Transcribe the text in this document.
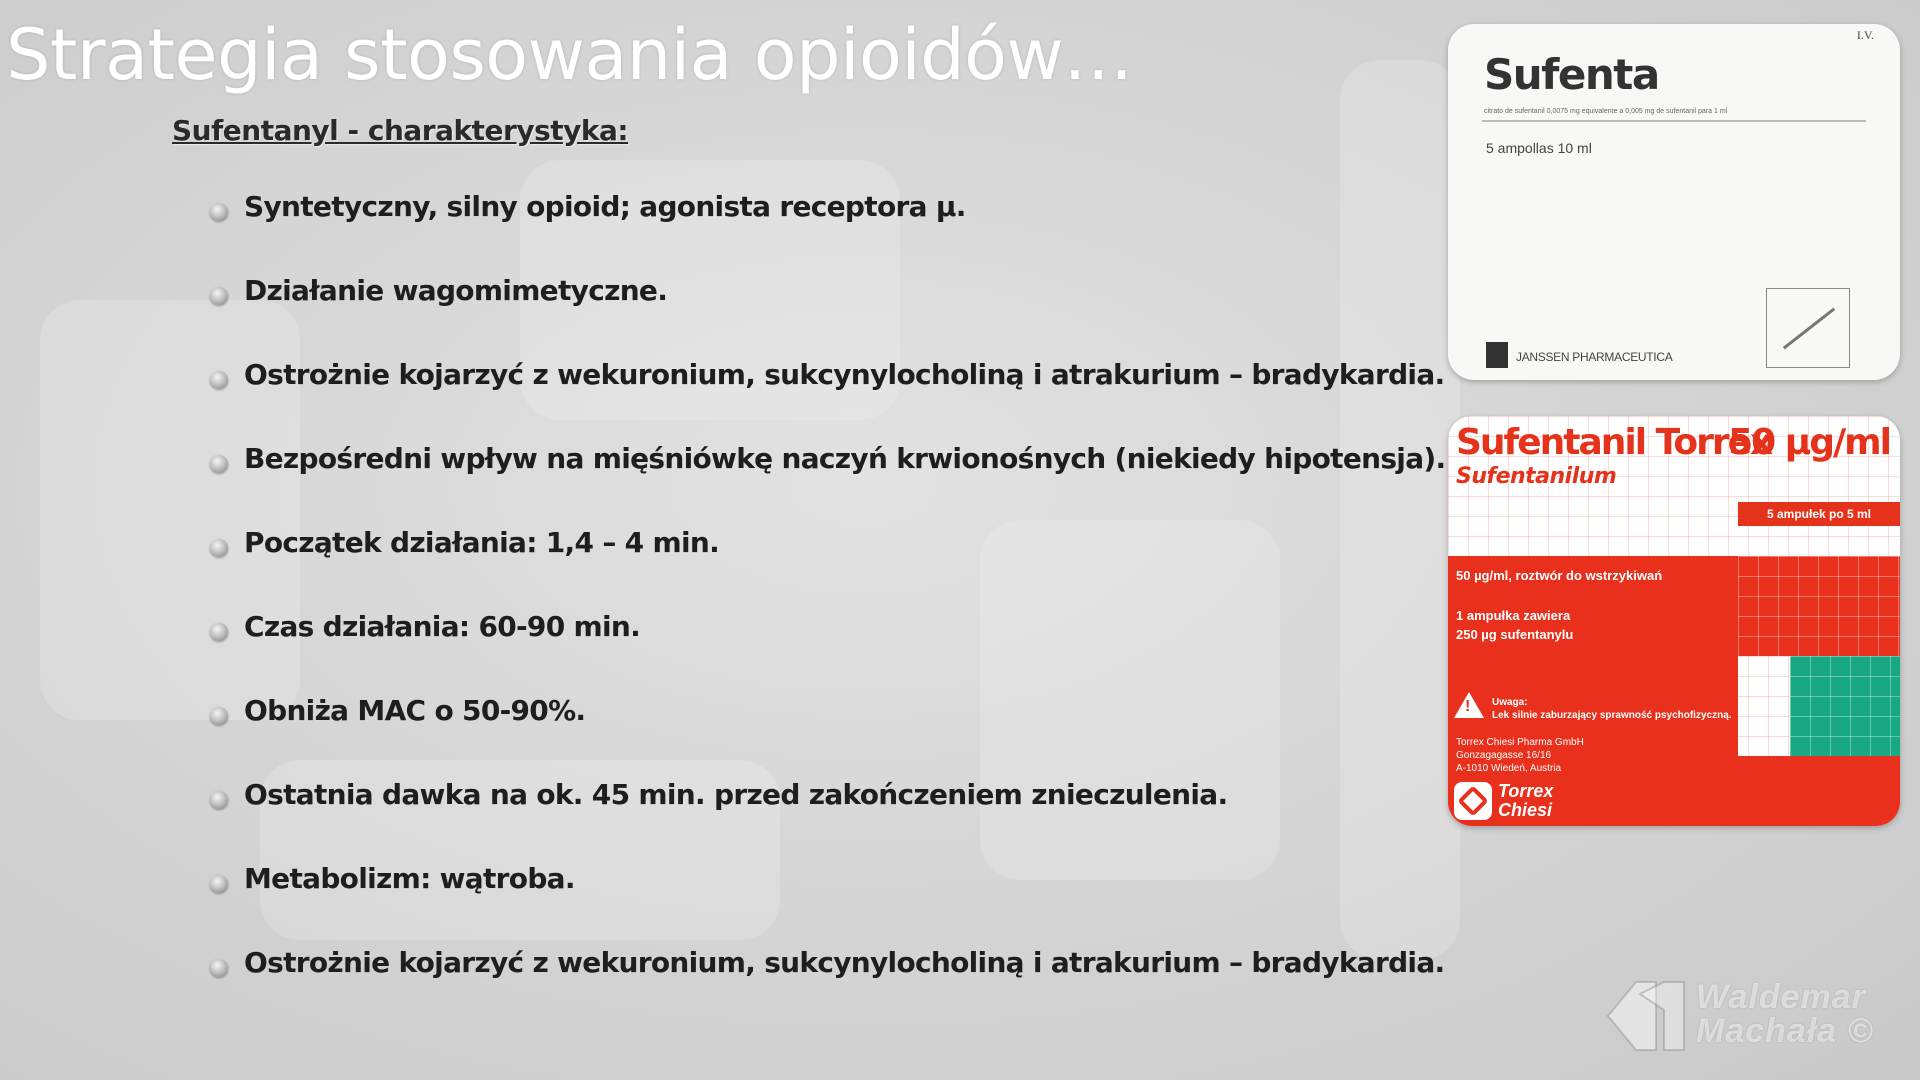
Strategia stosowania opioidów…
Sufentanyl - charakterystyka:
Syntetyczny, silny opioid; agonista receptora µ.
Działanie wagomimetyczne.
Ostrożnie kojarzyć z wekuronium, sukcynylocholiną i atrakurium – bradykardia.
Bezpośredni wpływ na mięśniówkę naczyń krwionośnych (niekiedy hipotensja).
Początek działania: 1,4 – 4 min.
Czas działania: 60-90 min.
Obniża MAC o 50-90%.
Ostatnia dawka na ok. 45 min. przed zakończeniem znieczulenia.
Metabolizm: wątroba.
Ostrożnie kojarzyć z wekuronium, sukcynylocholiną i atrakurium – bradykardia.
I.V.
Sufenta
citrato de sufentanil 0,0075 mg equivalente a 0,005 mg de sufentanil para 1 ml
5 ampollas 10 ml
JANSSEN PHARMACEUTICA
Sufentanil Torrex
50 µg/ml
Sufentanilum
5 ampułek po 5 ml
50 µg/ml, roztwór do wstrzykiwań
1 ampułka zawiera
250 µg sufentanylu
!
Uwaga:
Lek silnie zaburzający sprawność psychofizyczną.
Torrex Chiesi Pharma GmbH
Gonzagagasse 16/16
A-1010 Wiedeń, Austria
Torrex
Chiesi
Waldemar
Machała ©
